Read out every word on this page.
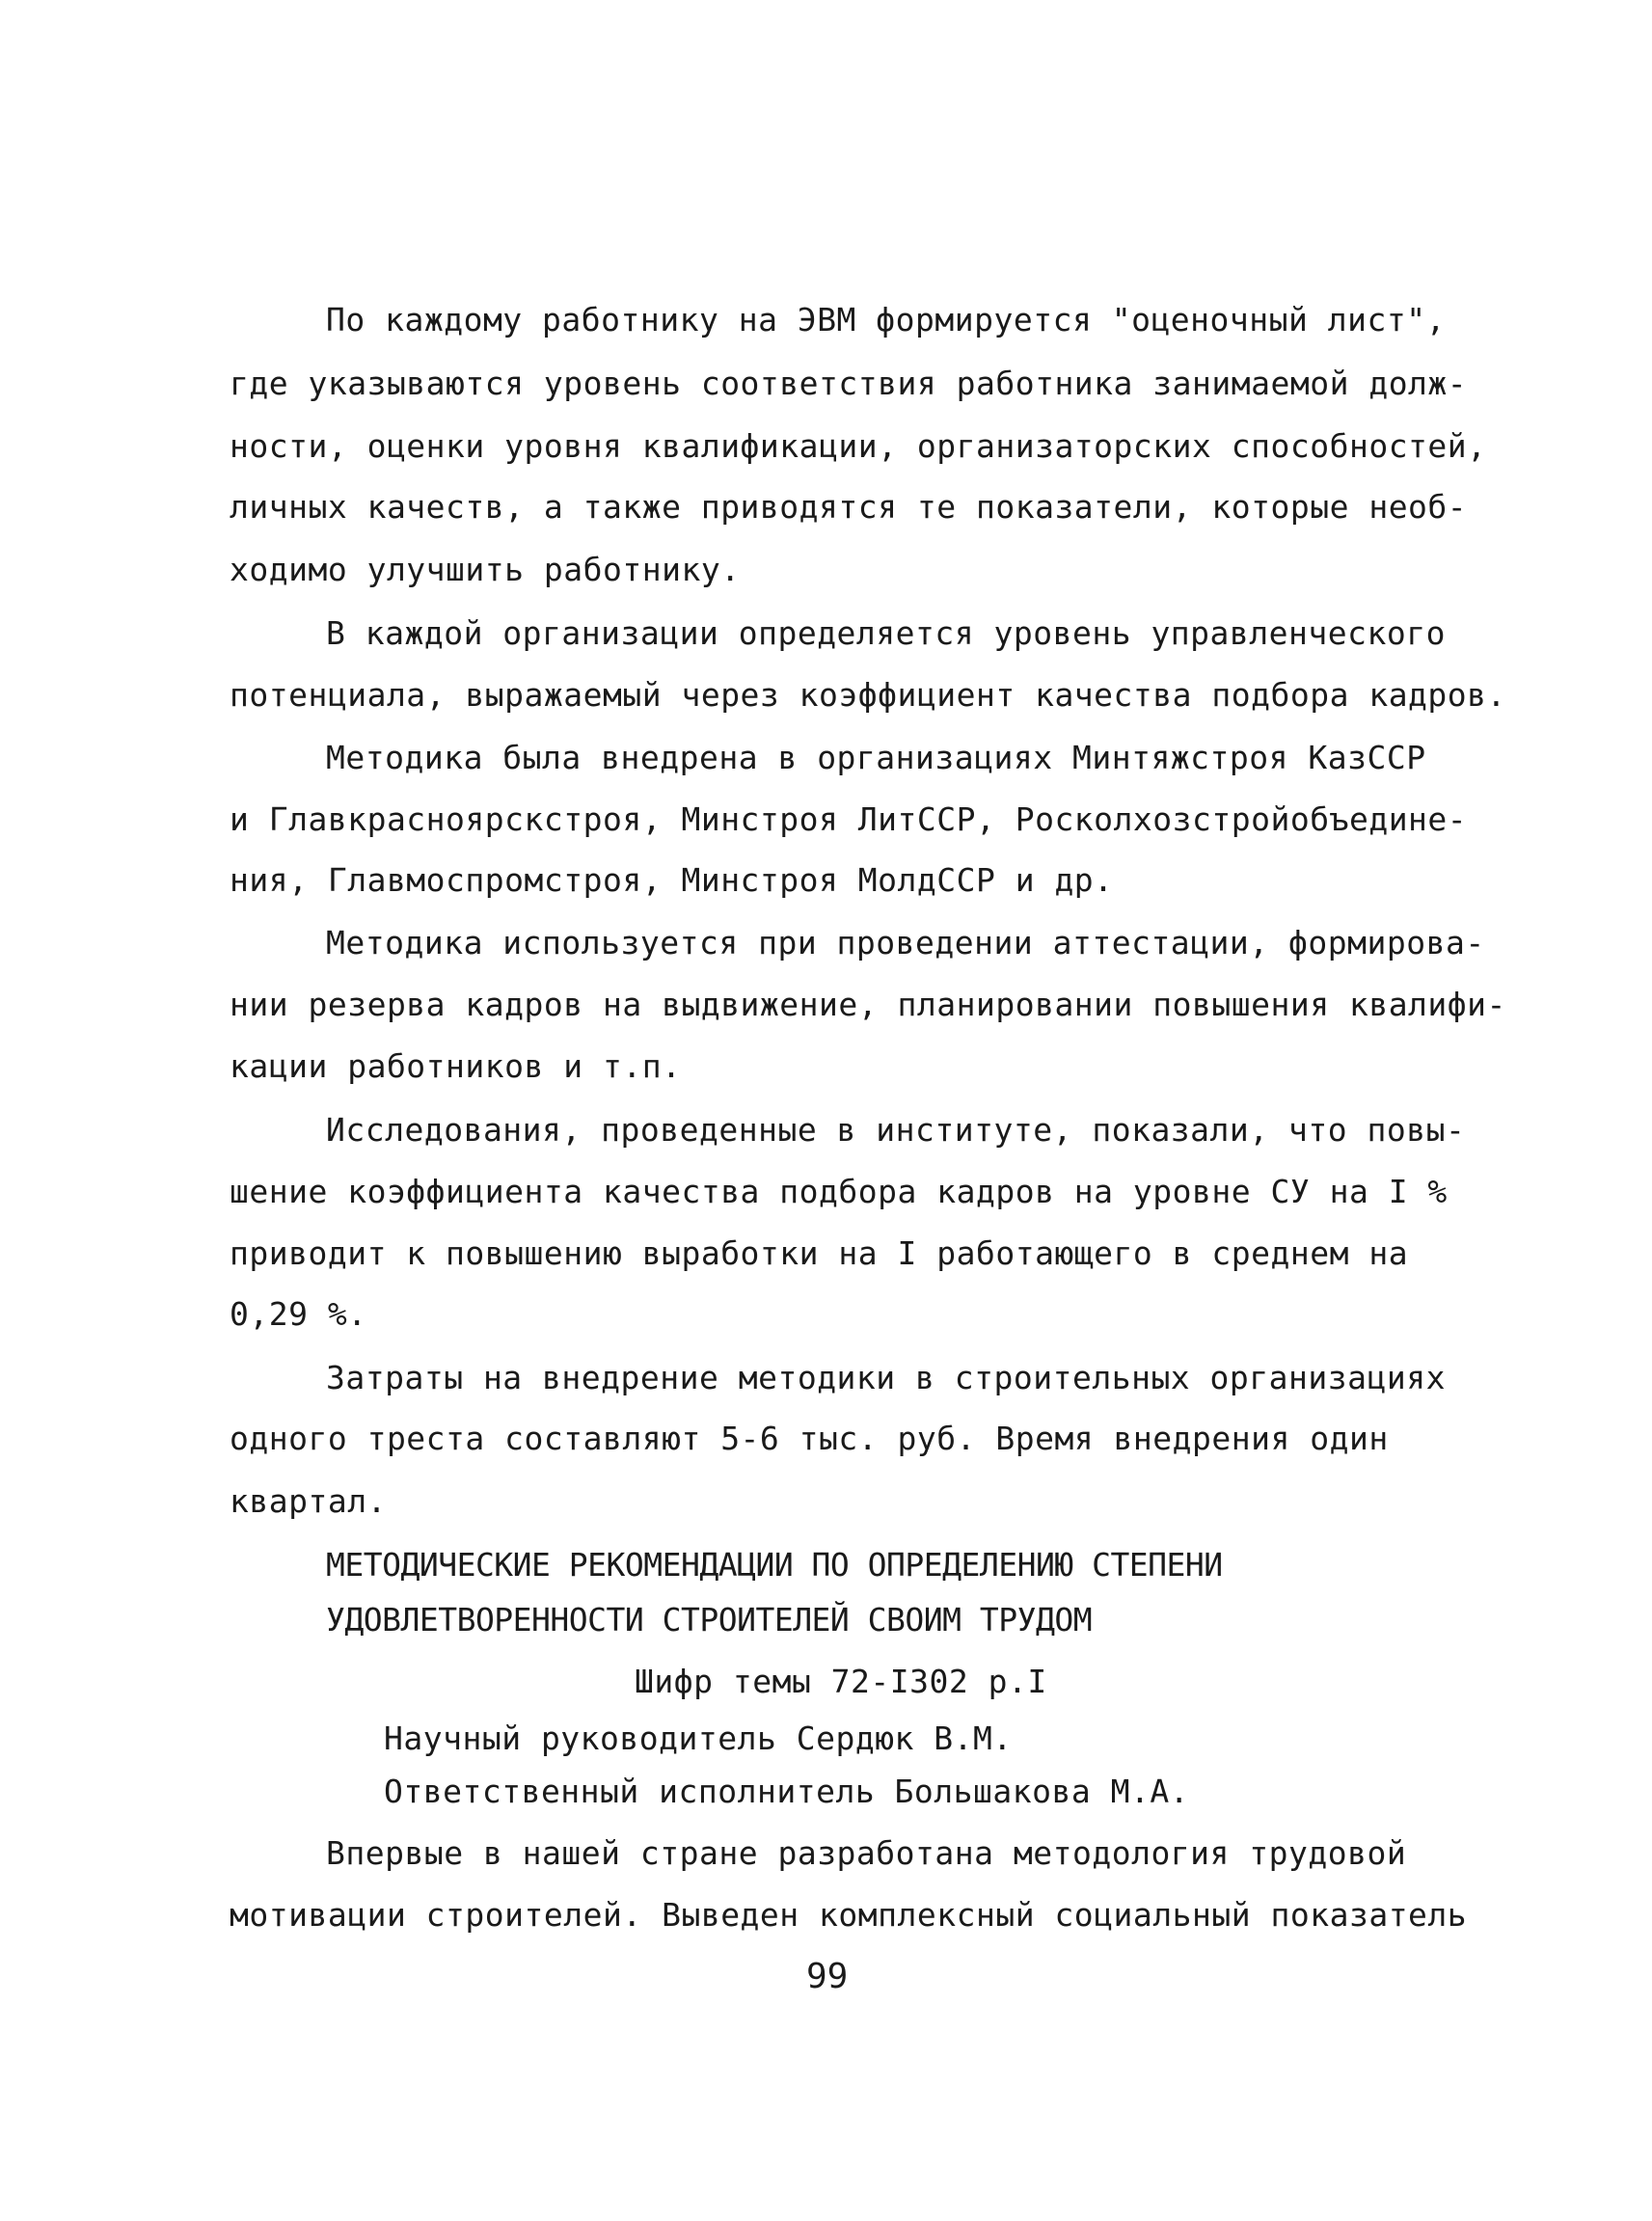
По каждому работнику на ЭВМ формируется "оценочный лист",
где указываются уровень соответствия работника занимаемой долж-
ности, оценки уровня квалификации, организаторских способностей,
личных качеств, а также приводятся те показатели, которые необ-
ходимо улучшить работнику.
В каждой организации определяется уровень управленческого
потенциала, выражаемый через коэффициент качества подбора кадров.
Методика была внедрена в организациях Минтяжстроя КазССР
и Главкрасноярскстроя, Минстроя ЛитССР, Росколхозстройобъедине-
ния, Главмоспромстроя, Минстроя МолдССР и др.
Методика используется при проведении аттестации, формирова-
нии резерва кадров на выдвижение, планировании повышения квалифи-
кации работников и т.п.
Исследования, проведенные в институте, показали, что повы-
шение коэффициента качества подбора кадров на уровне СУ на I %
приводит к повышению выработки на I работающего в среднем на
0,29 %.
Затраты на внедрение методики в строительных организациях
одного треста составляют 5-6 тыс. руб. Время внедрения один
квартал.
МЕТОДИЧЕСКИЕ РЕКОМЕНДАЦИИ ПО ОПРЕДЕЛЕНИЮ СТЕПЕНИ
УДОВЛЕТВОРЕННОСТИ СТРОИТЕЛЕЙ СВОИМ ТРУДОМ
Шифр темы 72-I302 р.I
Научный руководитель Сердюк В.М.
Ответственный исполнитель Большакова М.А.
Впервые в нашей стране разработана методология трудовой
мотивации строителей. Выведен комплексный социальный показатель
99
